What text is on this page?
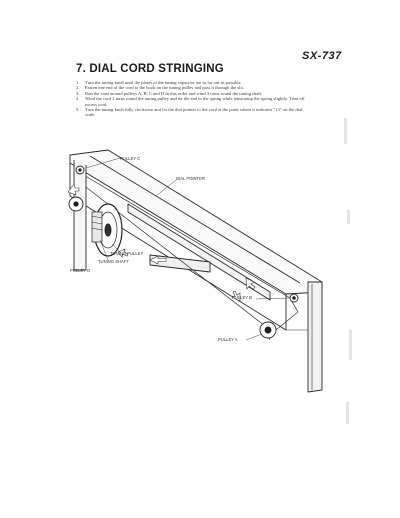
SX-737
7. DIAL CORD STRINGING
1.	Turn the tuning knob until the plates of the tuning capacitor are as far out as possible.
2.	Fasten one end of the cord to the hook on the tuning pulley and pass it through the slit.
3.	Run the cord around pulleys A, B, C and D in this order and wind 3 turns round the tuning shaft.
4.	Wind the cord 2 turns round the tuning pulley and tie the end to the spring while tensioning the spring slightly. Trim off excess cord.
5.	Turn the tuning knob fully clockwise and fix the dial pointer to the cord at the point where it indicates "13" on the dial scale.
PULLEY C
DIAL POINTER
TUNING PULLEY
TUNING SHAFT
PULLEY D
PULLEY B
PULLEY A
